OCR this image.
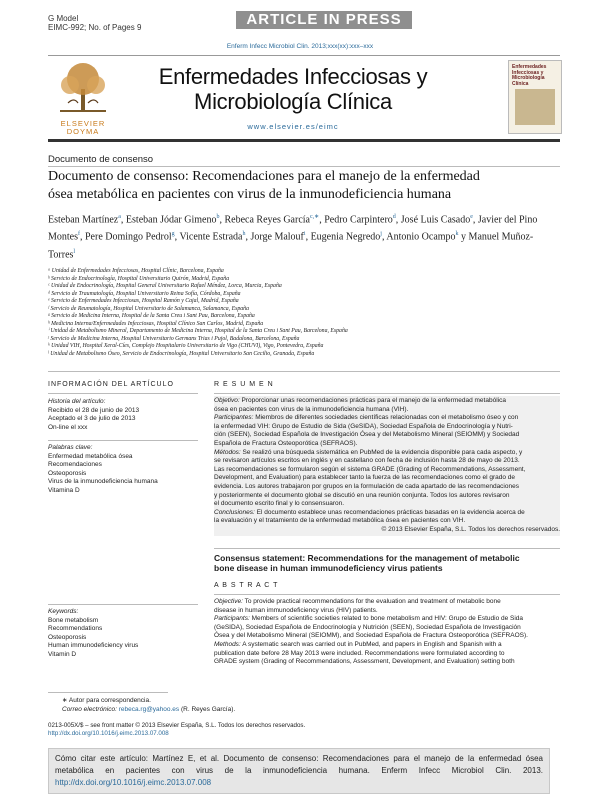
G Model
EIMC-992; No. of Pages 9	ARTICLE IN PRESS
Enferm Infecc Microbiol Clin. 2013;xxx(xx):xxx–xxx
ELSEVIER
DOYMA
Enfermedades Infecciosas y
Microbiología Clínica
www.elsevier.es/eimc
Enfermedades Infecciosas y Microbiología Clínica
Documento de consenso
Documento de consenso: Recomendaciones para el manejo de la enfermedad
ósea metabólica en pacientes con virus de la inmunodeficiencia humana
Esteban Martínez$^a$, Esteban Jódar Gimeno$^b$, Rebeca Reyes García$^{c,∗}$, Pedro Carpintero$^d$, José Luis Casado$^e$, Javier del Pino Montes$^f$, Pere Domingo Pedrol$^g$, Vicente Estrada$^h$, Jorge Malouf$^i$, Eugenia Negredo$^j$, Antonio Ocampo$^k$ y Manuel Muñoz-Torres$^l$
ᵃ Unidad de Enfermedades Infecciosas, Hospital Clínic, Barcelona, España
ᵇ Servicio de Endocrinología, Hospital Universitario Quirón, Madrid, España
ᶜ Unidad de Endocrinología, Hospital General Universitario Rafael Méndez, Lorca, Murcia, España
ᵈ Servicio de Traumatología, Hospital Universitario Reina Sofía, Córdoba, España
ᵉ Servicio de Enfermedades Infecciosas, Hospital Ramón y Cajal, Madrid, España
ᶠ Servicio de Reumatología, Hospital Universitario de Salamanca, Salamanca, España
ᵍ Servicio de Medicina Interna, Hospital de la Santa Creu i Sant Pau, Barcelona, España
ʰ Medicina Interna/Enfermedades Infecciosas, Hospital Clínico San Carlos, Madrid, España
ⁱ Unidad de Metabolismo Mineral, Departamento de Medicina Interna, Hospital de la Santa Creu i Sant Pau, Barcelona, España
ʲ Servicio de Medicina Interna, Hospital Universitario Germans Trias i Pujol, Badalona, Barcelona, España
ᵏ Unidad VIH, Hospital Xeral-Cíes, Complejo Hospitalario Universitario de Vigo (CHUVI), Vigo, Pontevedra, España
ˡ Unidad de Metabolismo Óseo, Servicio de Endocrinología, Hospital Universitario San Cecilio, Granada, España
INFORMACIÓN DEL ARTÍCULO
Historia del artículo:
Recibido el 28 de junio de 2013
Aceptado el 3 de julio de 2013
On-line el xxx
Palabras clave:
Enfermedad metabólica ósea
Recomendaciones
Osteoporosis
Virus de la inmunodeficiencia humana
Vitamina D
Keywords:
Bone metabolism
Recommendations
Osteoporosis
Human immunodeficiency virus
Vitamin D
R E S U M E N
Objetivo: Proporcionar unas recomendaciones prácticas para el manejo de la enfermedad metabólica
ósea en pacientes con virus de la inmunodeficiencia humana (VIH).
Participantes: Miembros de diferentes sociedades científicas relacionadas con el metabolismo óseo y con
la enfermedad VIH: Grupo de Estudio de Sida (GeSIDA), Sociedad Española de Endocrinología y Nutri-
ción (SEEN), Sociedad Española de Investigación Ósea y del Metabolismo Mineral (SEIOMM) y Sociedad
Española de Fractura Osteoporótica (SEFRAOS).
Métodos: Se realizó una búsqueda sistemática en PubMed de la evidencia disponible para cada aspecto, y
se revisaron artículos escritos en inglés y en castellano con fecha de inclusión hasta 28 de mayo de 2013.
Las recomendaciones se formularon según el sistema GRADE (Grading of Recommendations, Assessment,
Development, and Evaluation) para establecer tanto la fuerza de las recomendaciones como el grado de
evidencia. Los autores trabajaron por grupos en la formulación de cada apartado de las recomendaciones
y posteriormente el documento global se discutió en una reunión conjunta. Todos los autores revisaron
el documento escrito final y lo consensuaron.
Conclusiones: El documento establece unas recomendaciones prácticas basadas en la evidencia acerca de
la evaluación y el tratamiento de la enfermedad metabólica ósea en pacientes con VIH.
© 2013 Elsevier España, S.L. Todos los derechos reservados.
Consensus statement: Recommendations for the management of metabolic
bone disease in human immunodeficiency virus patients
A B S T R A C T
Objective: To provide practical recommendations for the evaluation and treatment of metabolic bone
disease in human immunodeficiency virus (HIV) patients.
Participants: Members of scientific societies related to bone metabolism and HIV: Grupo de Estudio de Sida
(GeSIDA), Sociedad Española de Endocrinología y Nutrición (SEEN), Sociedad Española de Investigación
Ósea y del Metabolismo Mineral (SEIOMM), and Sociedad Española de Fractura Osteoporótica (SEFRAOS).
Methods: A systematic search was carried out in PubMed, and papers in English and Spanish with a
publication date before 28 May 2013 were included. Recommendations were formulated according to
GRADE system (Grading of Recommendations, Assessment, Development, and Evaluation) setting both
∗ Autor para correspondencia.
Correo electrónico: rebeca.rg@yahoo.es (R. Reyes García).
0213-005X/$ – see front matter © 2013 Elsevier España, S.L. Todos los derechos reservados.
http://dx.doi.org/10.1016/j.eimc.2013.07.008
Cómo citar este artículo: Martínez E, et al. Documento de consenso: Recomendaciones para el manejo de la enfermedad ósea metabólica en pacientes con virus de la inmunodeficiencia humana. Enferm Infecc Microbiol Clin. 2013. http://dx.doi.org/10.1016/j.eimc.2013.07.008
